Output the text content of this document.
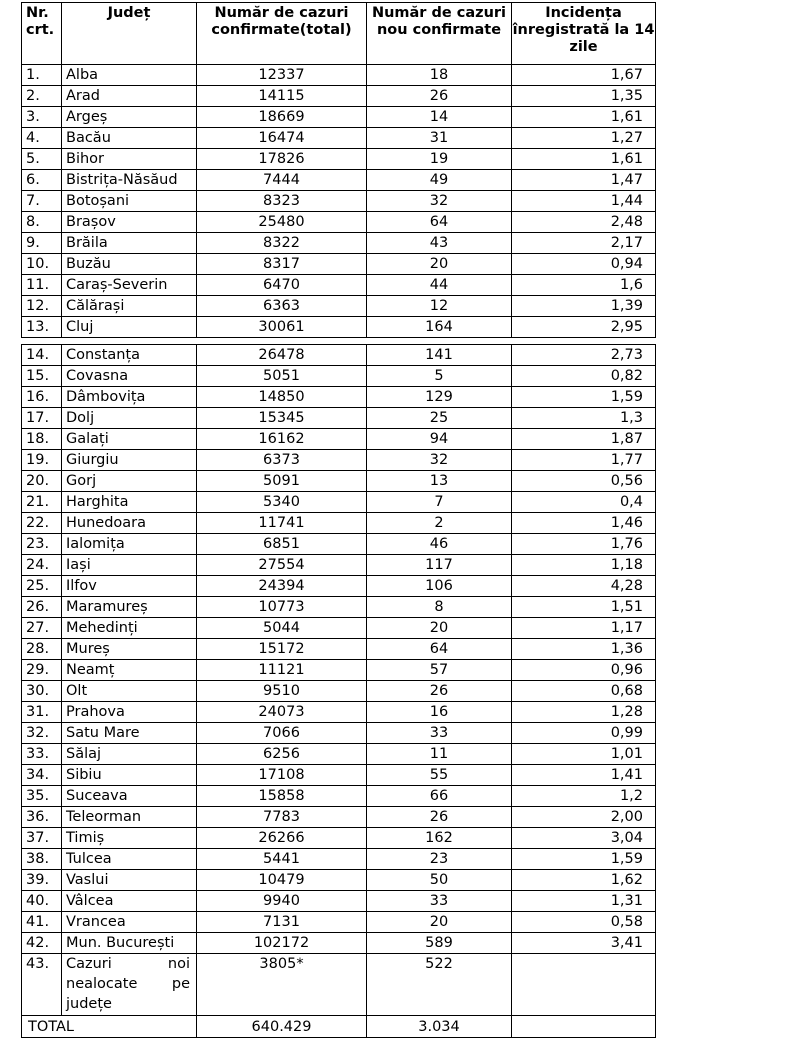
Nr. crt.	Județ	Număr de cazuri confirmate(total)	Număr de cazuri nou confirmate	Incidența înregistrată la 14 zile
1.	Alba	12337	18	1,67
2.	Arad	14115	26	1,35
3.	Argeș	18669	14	1,61
4.	Bacău	16474	31	1,27
5.	Bihor	17826	19	1,61
6.	Bistrița-Năsăud	7444	49	1,47
7.	Botoșani	8323	32	1,44
8.	Brașov	25480	64	2,48
9.	Brăila	8322	43	2,17
10.	Buzău	8317	20	0,94
11.	Caraș-Severin	6470	44	1,6
12.	Călărași	6363	12	1,39
13.	Cluj	30061	164	2,95
14.	Constanța	26478	141	2,73
15.	Covasna	5051	5	0,82
16.	Dâmbovița	14850	129	1,59
17.	Dolj	15345	25	1,3
18.	Galați	16162	94	1,87
19.	Giurgiu	6373	32	1,77
20.	Gorj	5091	13	0,56
21.	Harghita	5340	7	0,4
22.	Hunedoara	11741	2	1,46
23.	Ialomița	6851	46	1,76
24.	Iași	27554	117	1,18
25.	Ilfov	24394	106	4,28
26.	Maramureș	10773	8	1,51
27.	Mehedinți	5044	20	1,17
28.	Mureș	15172	64	1,36
29.	Neamț	11121	57	0,96
30.	Olt	9510	26	0,68
31.	Prahova	24073	16	1,28
32.	Satu Mare	7066	33	0,99
33.	Sălaj	6256	11	1,01
34.	Sibiu	17108	55	1,41
35.	Suceava	15858	66	1,2
36.	Teleorman	7783	26	2,00
37.	Timiș	26266	162	3,04
38.	Tulcea	5441	23	1,59
39.	Vaslui	10479	50	1,62
40.	Vâlcea	9940	33	1,31
41.	Vrancea	7131	20	0,58
42.	Mun. București	102172	589	3,41
43.	Cazuri noi nealocate pe județe	3805*	522	
TOTAL		640.429	3.034	
